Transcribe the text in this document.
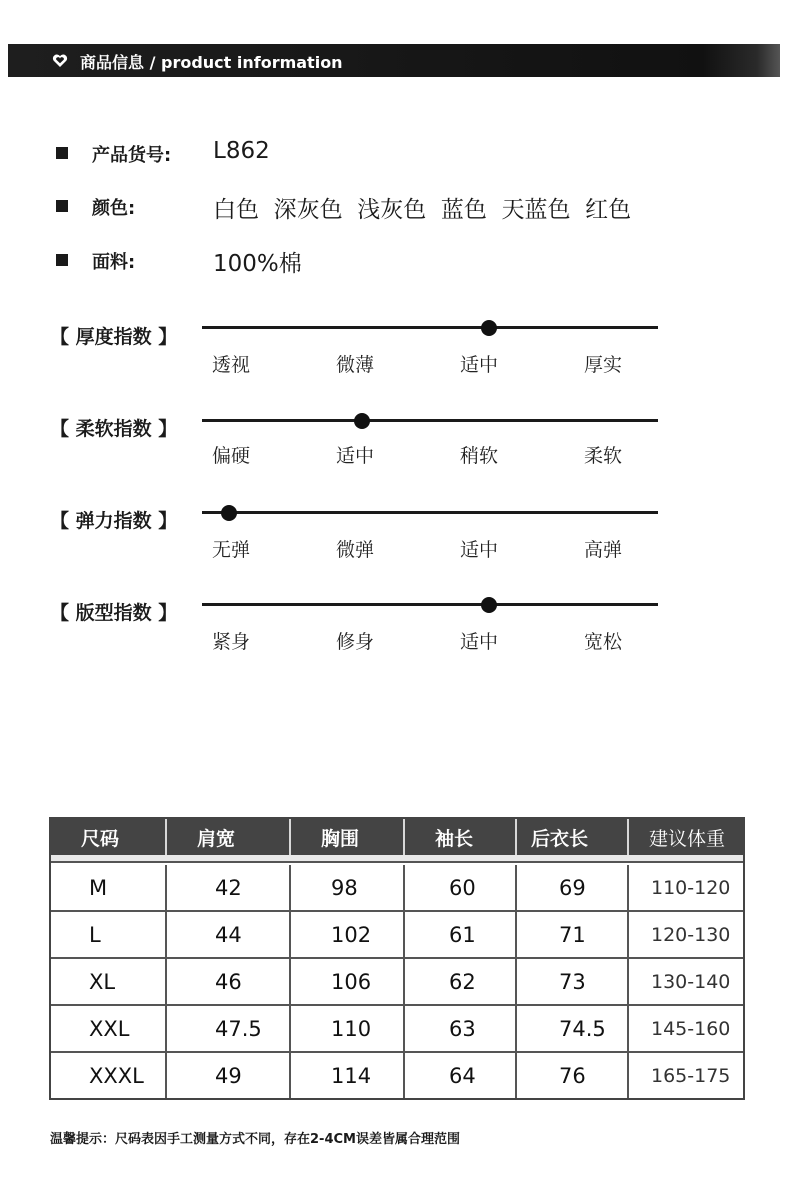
商品信息 / product information
产品货号: L862
颜色:	白色  深灰色  浅灰色  蓝色  天蓝色  红色
面料:	100%棉
【 厚度指数 】
透视	微薄	适中	厚实
【 柔软指数 】
偏硬	适中	稍软	柔软
【 弹力指数 】
无弹	微弹	适中	高弹
【 版型指数 】
紧身	修身	适中	宽松
尺码	肩宽	胸围	袖长	后衣长	建议体重
M	42	98	60	69	110-120
L	44	102	61	71	120-130
XL	46	106	62	73	130-140
XXL	47.5	110	63	74.5	145-160
XXXL	49	114	64	76	165-175
温馨提示：尺码表因手工测量方式不同，存在2-4CM误差皆属合理范围
